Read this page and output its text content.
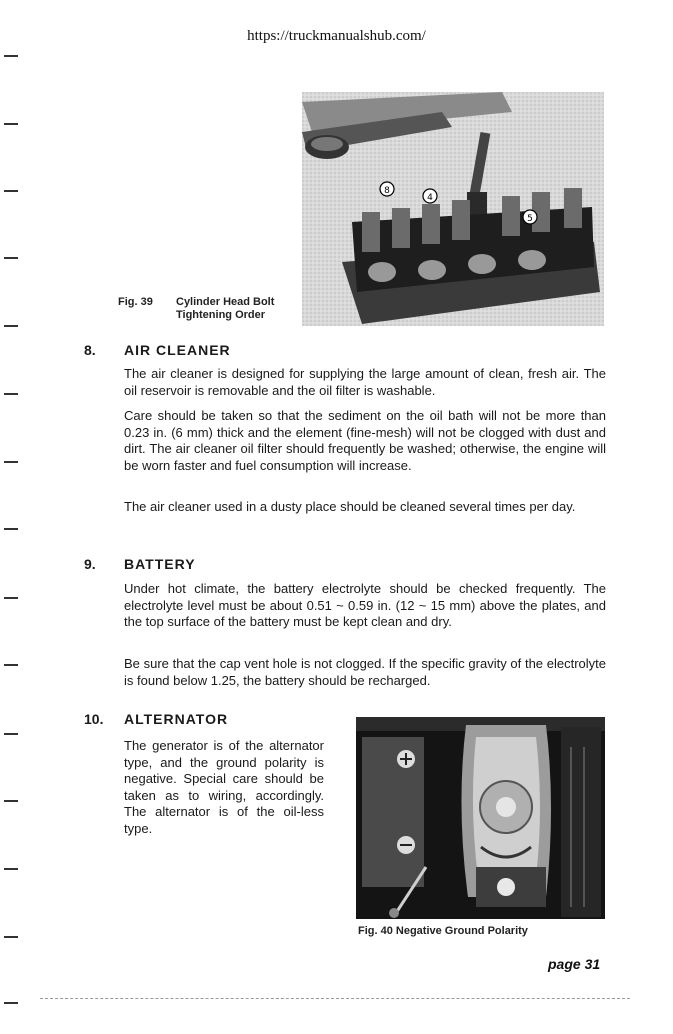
https://truckmanualshub.com/
8
4
5
Fig. 39 Cylinder Head Bolt
Tightening Order
8. AIR CLEANER

The air cleaner is designed for supplying the large amount of clean, fresh air. The oil reservoir is removable and the oil filter is washable.

Care should be taken so that the sediment on the oil bath will not be more than 0.23 in. (6 mm) thick and the element (fine-mesh) will not be clogged with dust and dirt. The air cleaner oil filter should frequently be washed; otherwise, the engine will be worn faster and fuel consumption will increase.

The air cleaner used in a dusty place should be cleaned several times per day.

9. BATTERY

Under hot climate, the battery electrolyte should be checked frequently. The electrolyte level must be about 0.51 ~ 0.59 in. (12 ~ 15 mm) above the plates, and the top surface of the battery must be kept clean and dry.

Be sure that the cap vent hole is not clogged. If the specific gravity of the electrolyte is found below 1.25, the battery should be recharged.

10. ALTERNATOR

The generator is of the alternator type, and the ground polarity is negative. Special care should be taken as to wiring, accordingly. The alternator is of the oil-less type.

Fig. 40 Negative Ground Polarity
page 31
